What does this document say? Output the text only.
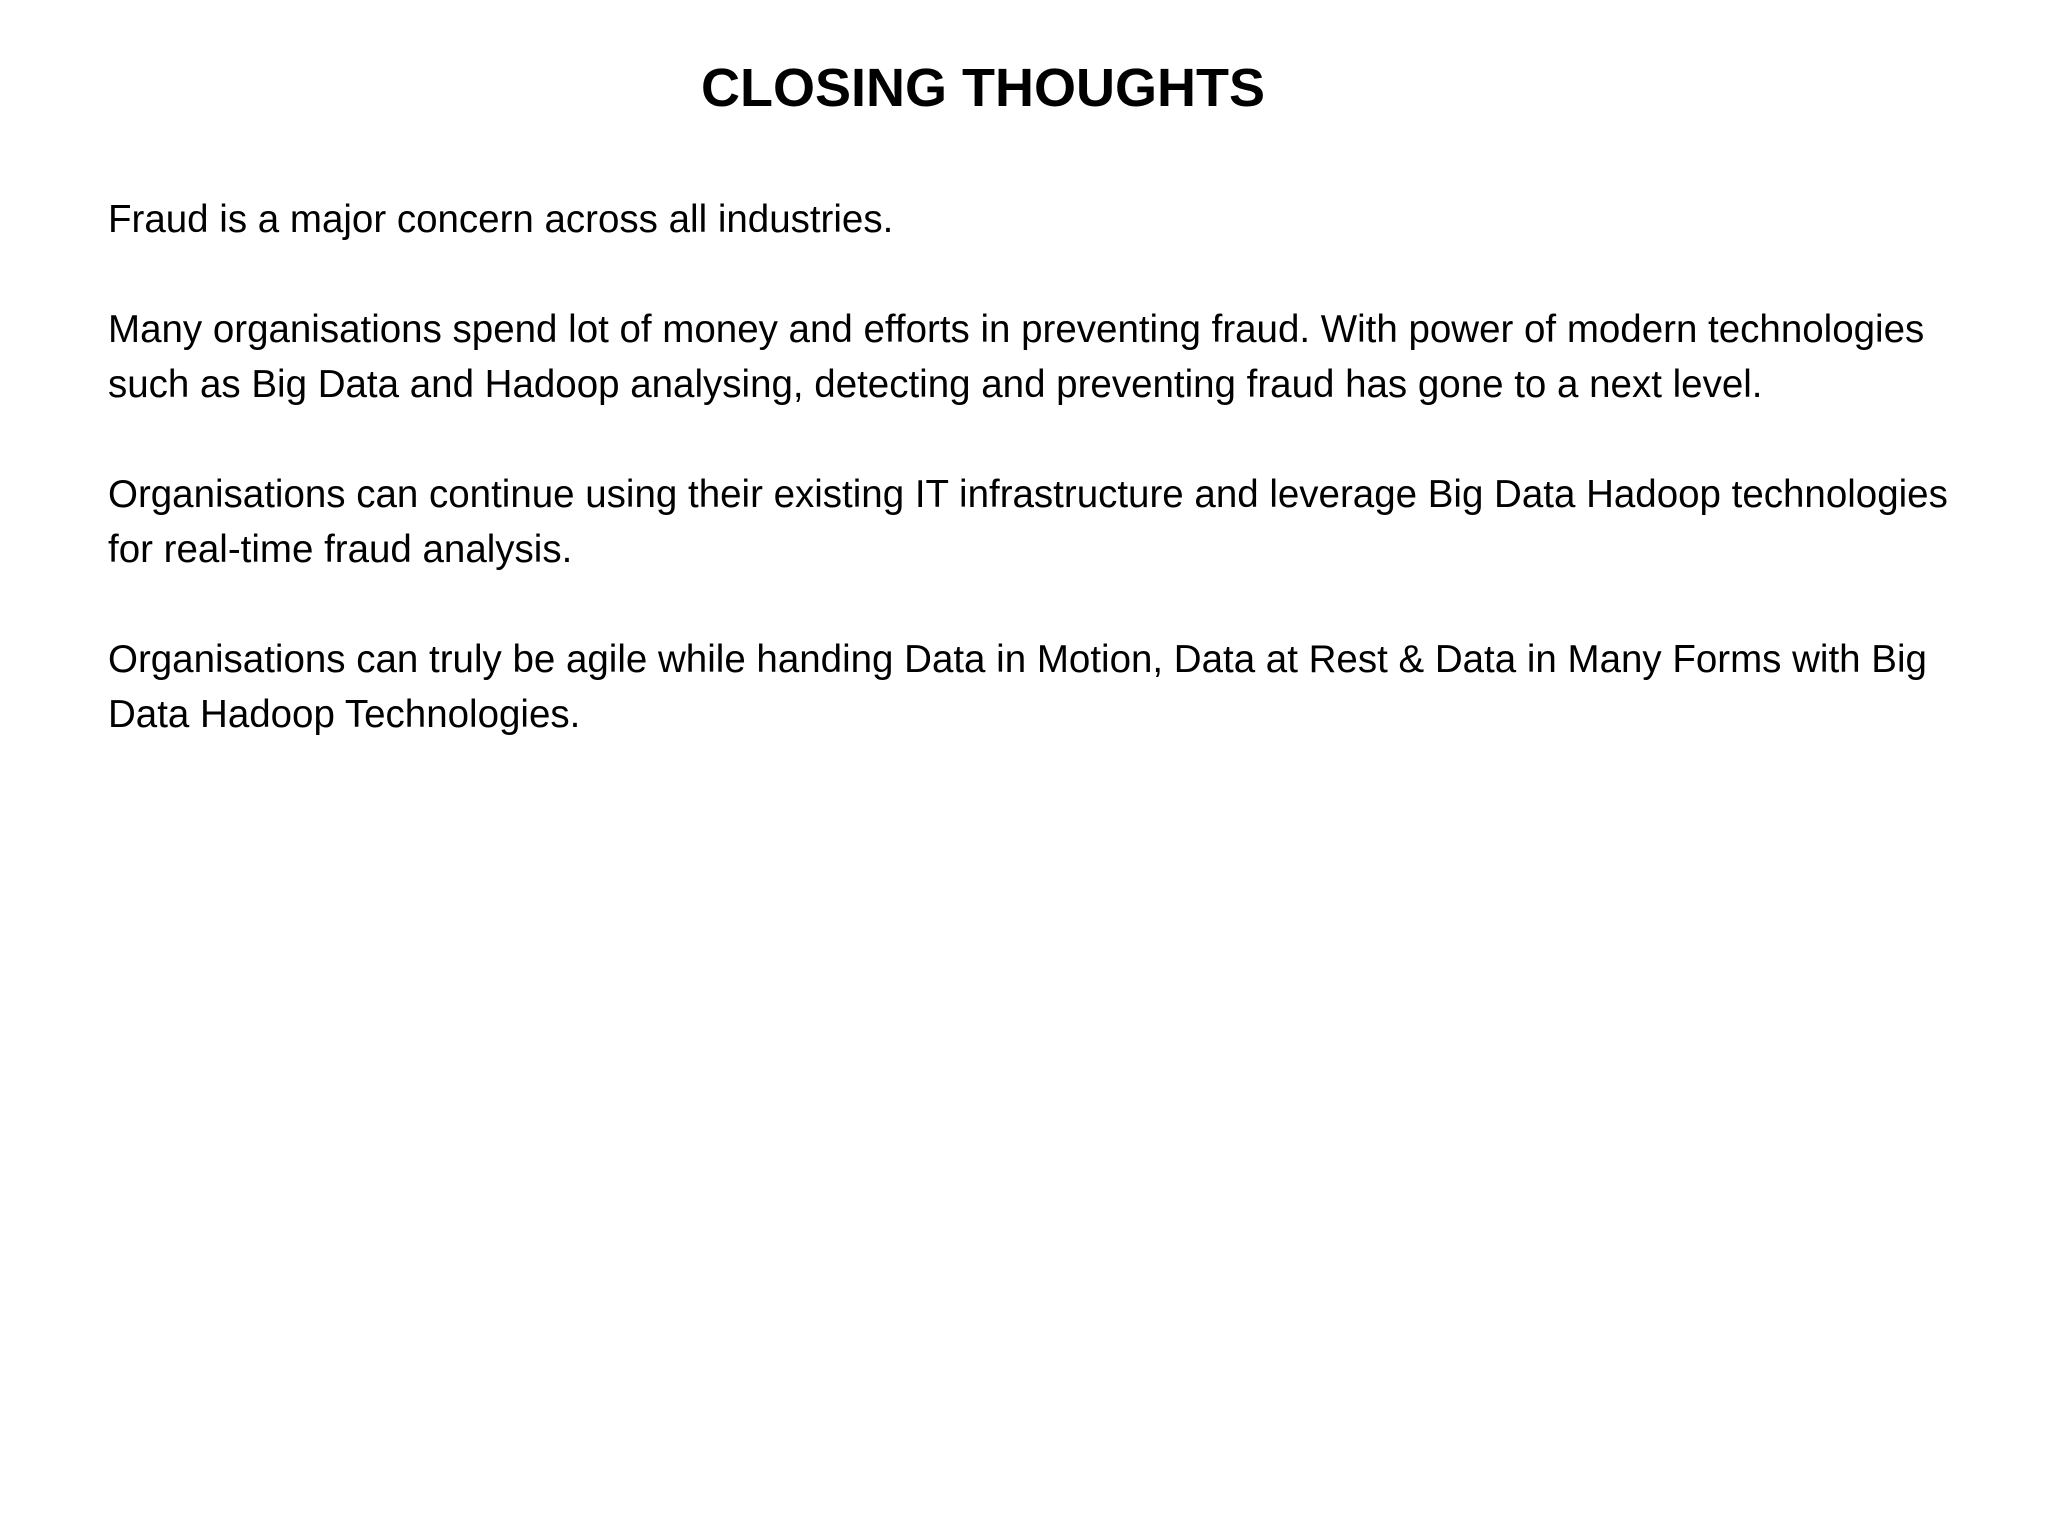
CLOSING THOUGHTS

Fraud is a major concern across all industries.

Many organisations spend lot of money and efforts in preventing fraud. With power of modern technologies such as Big Data and Hadoop analysing, detecting and preventing fraud has gone to a next level.

Organisations can continue using their existing IT infrastructure and leverage Big Data Hadoop technologies for real-time fraud analysis.

Organisations can truly be agile while handing Data in Motion, Data at Rest & Data in Many Forms with Big Data Hadoop Technologies.
